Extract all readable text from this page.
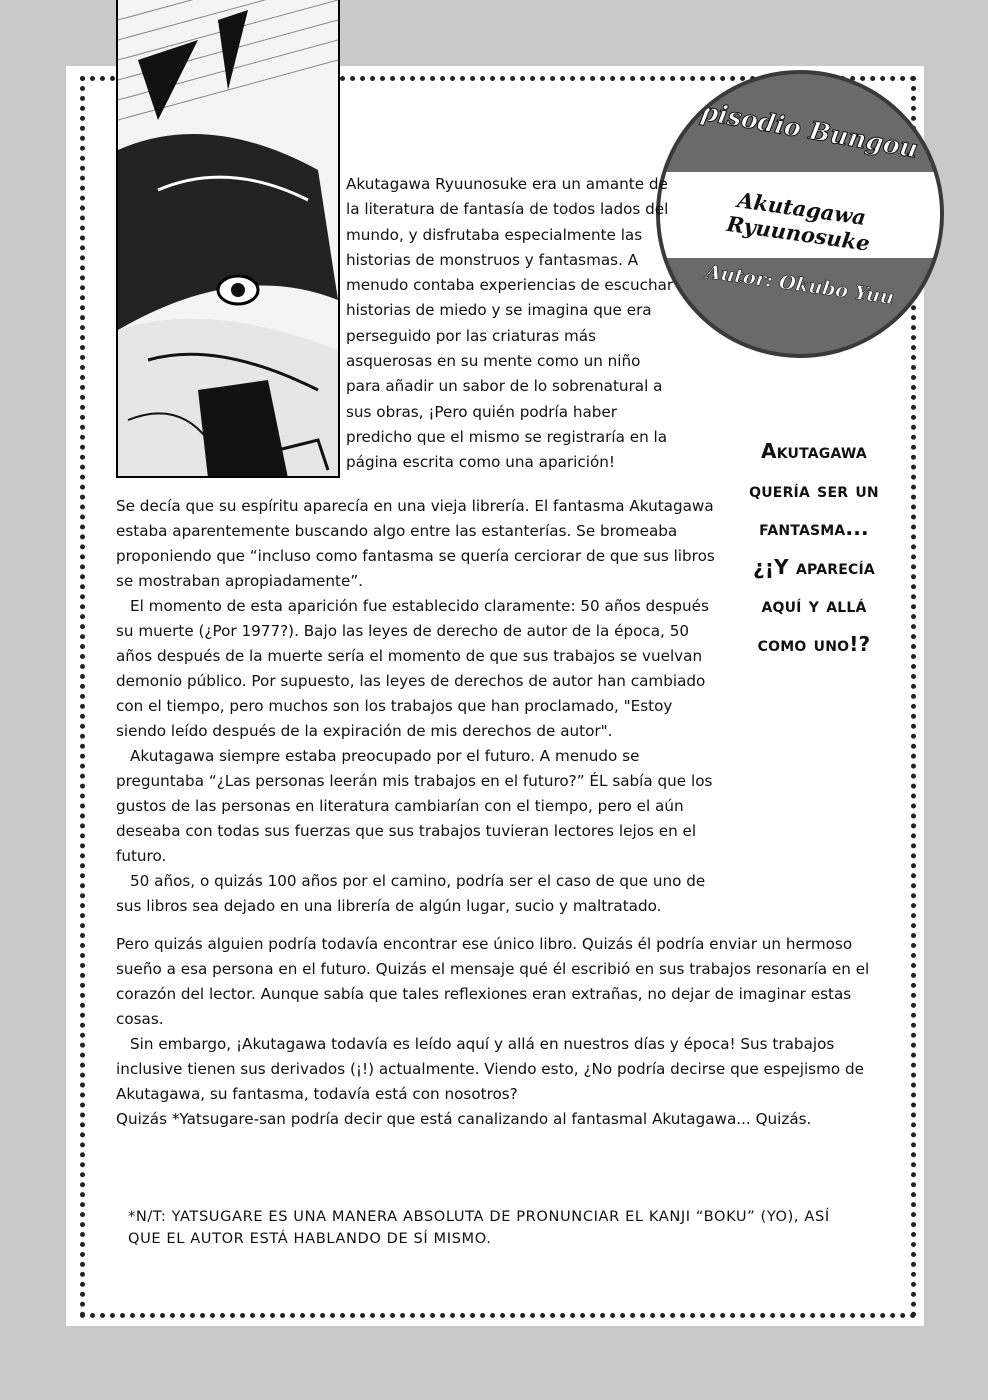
Episodio Bungou
Akutagawa Ryuunosuke
Autor: Okubo Yuu

Akutagawa Ryuunosuke era un amante de la literatura de fantasía de todos lados del mundo, y disfrutaba especialmente las historias de monstruos y fantasmas. A menudo contaba experiencias de escuchar historias de miedo y se imagina que era perseguido por las criaturas más asquerosas en su mente como un niño para añadir un sabor de lo sobrenatural a sus obras, ¡Pero quién podría haber predicho que el mismo se registraría en la página escrita como una aparición!	Akutagawa
quería ser un
fantasma...
¿¡Y aparecía
aquí y allá
como uno!?

Se decía que su espíritu aparecía en una vieja librería. El fantasma Akutagawa estaba aparentemente buscando algo entre las estanterías. Se bromeaba proponiendo que “incluso como fantasma se quería cerciorar de que sus libros se mostraban apropiadamente”.

El momento de esta aparición fue establecido claramente: 50 años después su muerte (¿Por 1977?). Bajo las leyes de derecho de autor de la época, 50 años después de la muerte sería el momento de que sus trabajos se vuelvan demonio público. Por supuesto, las leyes de derechos de autor han cambiado con el tiempo, pero muchos son los trabajos que han proclamado, "Estoy siendo leído después de la expiración de mis derechos de autor".

Akutagawa siempre estaba preocupado por el futuro. A menudo se preguntaba “¿Las personas leerán mis trabajos en el futuro?” ÉL sabía que los gustos de las personas en literatura cambiarían con el tiempo, pero el aún deseaba con todas sus fuerzas que sus trabajos tuvieran lectores lejos en el futuro.

50 años, o quizás 100 años por el camino, podría ser el caso de que uno de sus libros sea dejado en una librería de algún lugar, sucio y maltratado.

Pero quizás alguien podría todavía encontrar ese único libro. Quizás él podría enviar un hermoso sueño a esa persona en el futuro. Quizás el mensaje qué él escribió en sus trabajos resonaría en el corazón del lector. Aunque sabía que tales reflexiones eran extrañas, no dejar de imaginar estas cosas.

Sin embargo, ¡Akutagawa todavía es leído aquí y allá en nuestros días y época! Sus trabajos inclusive tienen sus derivados (¡!) actualmente. Viendo esto, ¿No podría decirse que espejismo de Akutagawa, su fantasma, todavía está con nosotros?

Quizás *Yatsugare-san podría decir que está canalizando al fantasmal Akutagawa... Quizás.

*N/T: YATSUGARE ES UNA MANERA ABSOLUTA DE PRONUNCIAR EL KANJI “BOKU” (YO), ASÍ QUE EL AUTOR ESTÁ HABLANDO DE SÍ MISMO.
